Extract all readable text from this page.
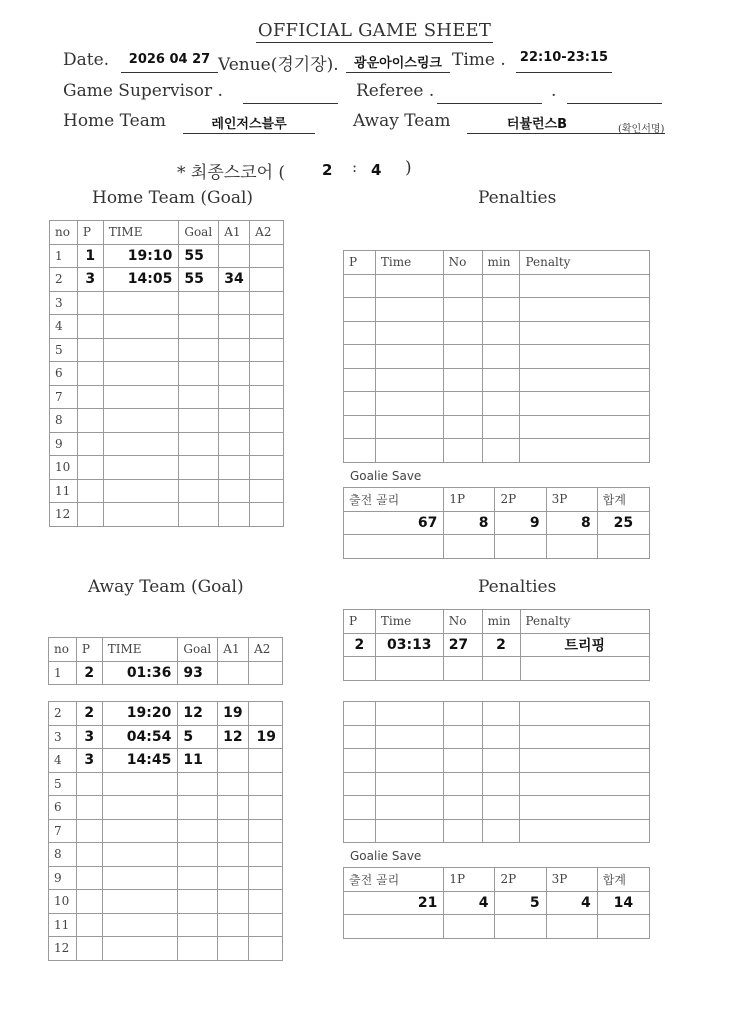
OFFICIAL GAME SHEET
Date.	2026 04 27 Venue(경기장).	광운아이스링크 Time .	22:10-23:15
Game Supervisor .	Referee .	.
Home Team	레인저스블루	Away Team	터뷸런스B	(확인서명)
* 최종스코어 ( 2 : 4 )
Home Team (Goal)	Penalties
Away Team (Goal)	Penalties
Goalie Save
Goalie Save
no	P	TIME	Goal	A1	A2
1	1	19:10	55		
2	3	14:05	55	34	
3					
4					
5					
6					
7					
8					
9					
10					
11					
12					
P	Time	No	min	Penalty

출전 골리	1P	2P	3P	합계
67	8	9	8	25

no	P	TIME	Goal	A1	A2
1	2	01:36	93		
2	2	19:20	12	19	
3	3	04:54	5	12	19
4	3	14:45	11		
5					
6					
7					
8					
9					
10					
11					
12					
P	Time	No	min	Penalty
2	03:13	27	2	트리핑

출전 골리	1P	2P	3P	합계
21	4	5	4	14
